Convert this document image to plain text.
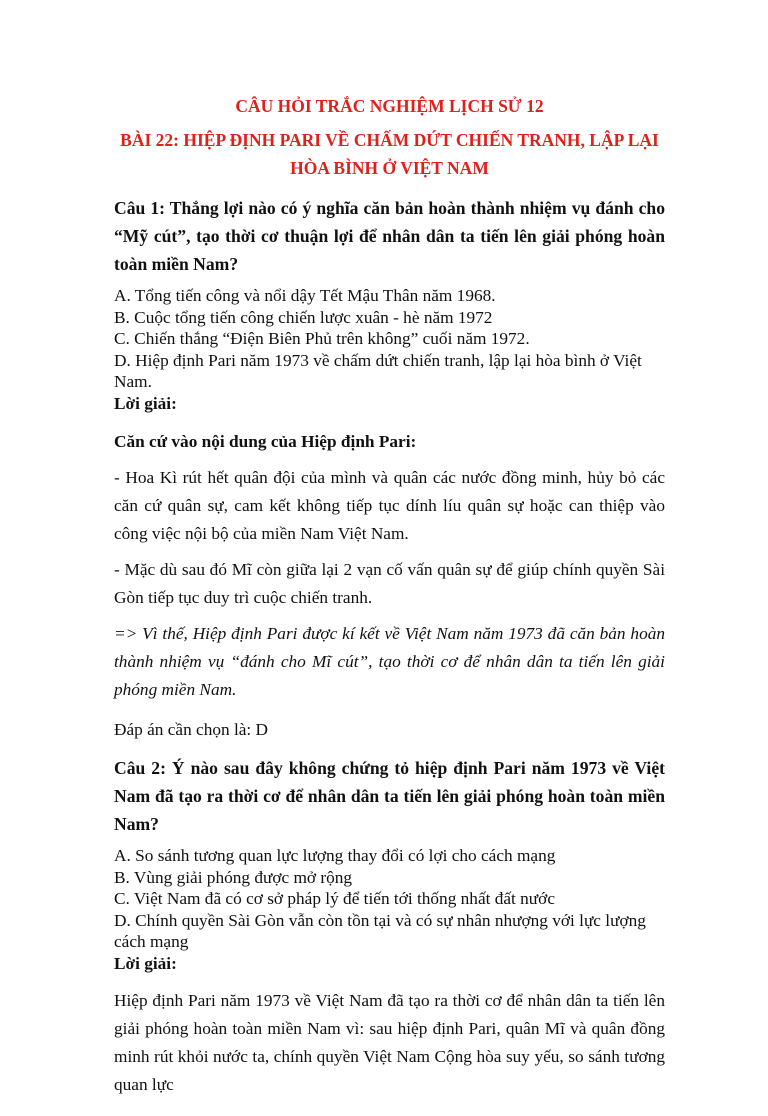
CÂU HỎI TRẮC NGHIỆM LỊCH SỬ 12

BÀI 22: HIỆP ĐỊNH PARI VỀ CHẤM DỨT CHIẾN TRANH, LẬP LẠI HÒA BÌNH Ở VIỆT NAM

Câu 1: Thắng lợi nào có ý nghĩa căn bản hoàn thành nhiệm vụ đánh cho “Mỹ cút”, tạo thời cơ thuận lợi để nhân dân ta tiến lên giải phóng hoàn toàn miền Nam?

A. Tổng tiến công và nổi dậy Tết Mậu Thân năm 1968.

B. Cuộc tổng tiến công chiến lược xuân - hè năm 1972

C. Chiến thắng “Điện Biên Phủ trên không” cuối năm 1972.

D. Hiệp định Pari năm 1973 về chấm dứt chiến tranh, lập lại hòa bình ở Việt Nam.

Lời giải:

Căn cứ vào nội dung của Hiệp định Pari:

- Hoa Kì rút hết quân đội của mình và quân các nước đồng minh, hủy bỏ các căn cứ quân sự, cam kết không tiếp tục dính líu quân sự hoặc can thiệp vào công việc nội bộ của miền Nam Việt Nam.

- Mặc dù sau đó Mĩ còn giữa lại 2 vạn cố vấn quân sự để giúp chính quyền Sài Gòn tiếp tục duy trì cuộc chiến tranh.

=> Vì thế, Hiệp định Pari được kí kết về Việt Nam năm 1973 đã căn bản hoàn thành nhiệm vụ “đánh cho Mĩ cút”, tạo thời cơ để nhân dân ta tiến lên giải phóng miền Nam.

Đáp án cần chọn là: D

Câu 2: Ý nào sau đây không chứng tỏ hiệp định Pari năm 1973 về Việt Nam đã tạo ra thời cơ để nhân dân ta tiến lên giải phóng hoàn toàn miền Nam?

A. So sánh tương quan lực lượng thay đổi có lợi cho cách mạng

B. Vùng giải phóng được mở rộng

C. Việt Nam đã có cơ sở pháp lý để tiến tới thống nhất đất nước

D. Chính quyền Sài Gòn vẫn còn tồn tại và có sự nhân nhượng với lực lượng cách mạng

Lời giải:

Hiệp định Pari năm 1973 về Việt Nam đã tạo ra thời cơ để nhân dân ta tiến lên giải phóng hoàn toàn miền Nam vì: sau hiệp định Pari, quân Mĩ và quân đồng minh rút khỏi nước ta, chính quyền Việt Nam Cộng hòa suy yếu, so sánh tương quan lực
